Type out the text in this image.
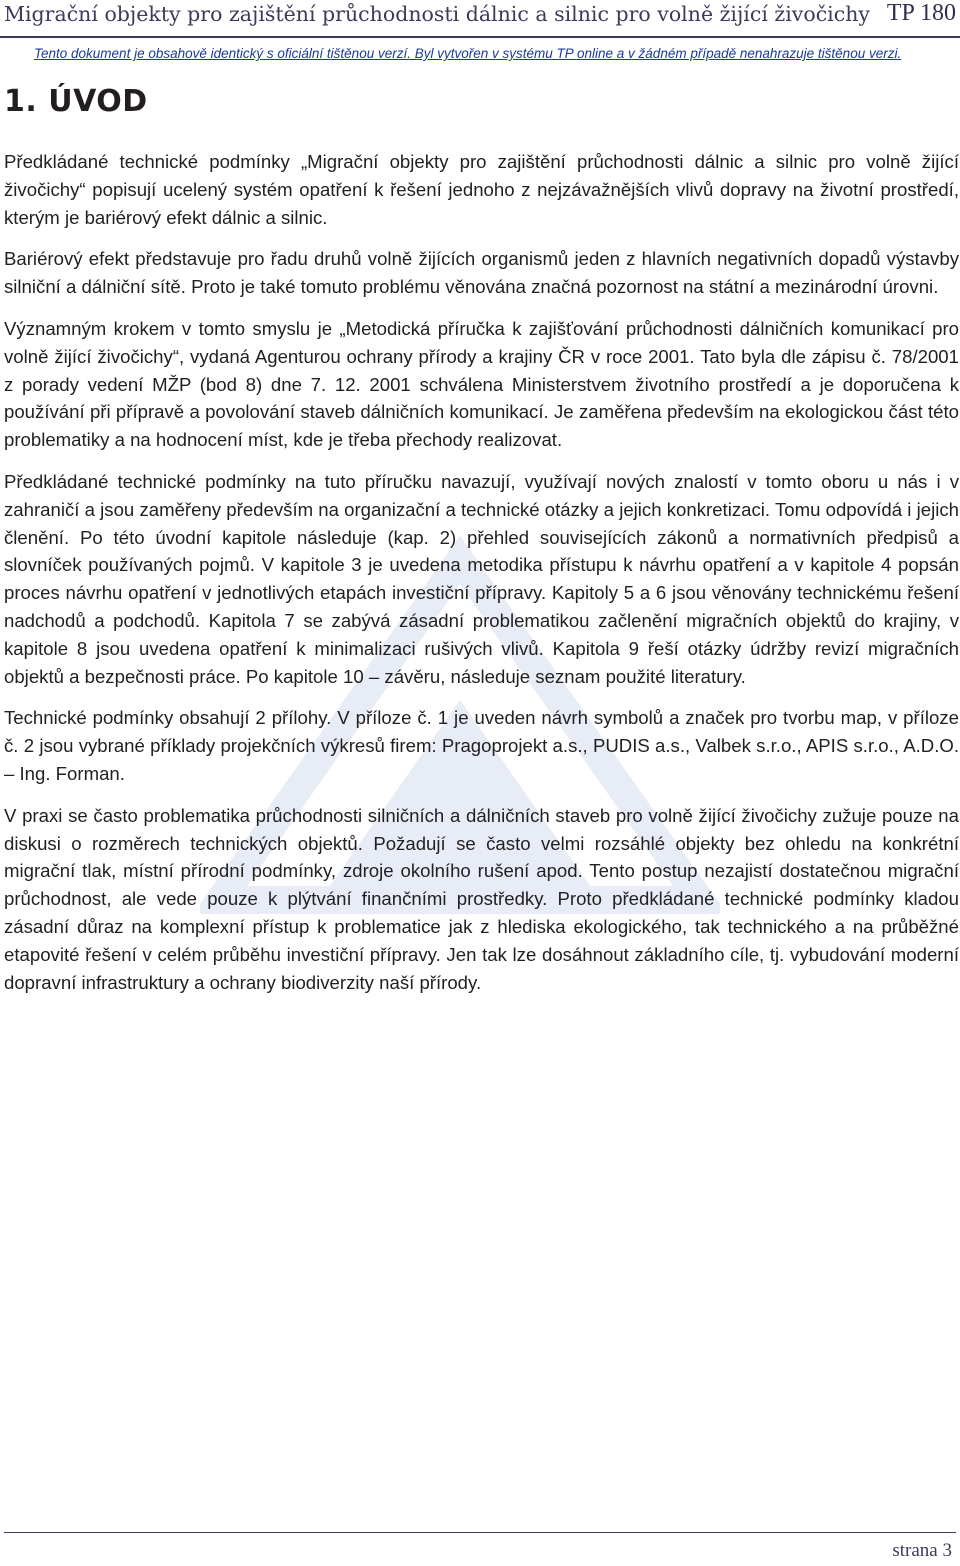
Migrační objekty pro zajištění průchodnosti dálnic a silnic pro volně žijící živočichy TP 180
Tento dokument je obsahově identický s oficiální tištěnou verzí. Byl vytvořen v systému TP online a v žádném případě nenahrazuje tištěnou verzi.
1. ÚVOD

Předkládané technické podmínky „Migrační objekty pro zajištění průchodnosti dálnic a silnic pro volně žijící živočichy“ popisují ucelený systém opatření k řešení jednoho z nejzávažnějších vlivů dopravy na životní prostředí, kterým je bariérový efekt dálnic a silnic.

Bariérový efekt představuje pro řadu druhů volně žijících organismů jeden z hlavních negativních dopadů výstavby silniční a dálniční sítě. Proto je také tomuto problému věnována značná pozornost na státní a mezinárodní úrovni.

Významným krokem v tomto smyslu je „Metodická příručka k zajišťování průchodnosti dálničních komunikací pro volně žijící živočichy“, vydaná Agenturou ochrany přírody a krajiny ČR v roce 2001. Tato byla dle zápisu č. 78/2001 z porady vedení MŽP (bod 8) dne 7. 12. 2001 schválena Ministerstvem životního prostředí a je doporučena k používání při přípravě a povolování staveb dálničních komunikací. Je zaměřena především na ekologickou část této problematiky a na hodnocení míst, kde je třeba přechody realizovat.

Předkládané technické podmínky na tuto příručku navazují, využívají nových znalostí v tomto oboru u nás i v zahraničí a jsou zaměřeny především na organizační a technické otázky a jejich konkretizaci. Tomu odpovídá i jejich členění. Po této úvodní kapitole následuje (kap. 2) přehled souvisejících zákonů a normativních předpisů a slovníček používaných pojmů. V kapitole 3 je uvedena metodika přístupu k návrhu opatření a v kapitole 4 popsán proces návrhu opatření v jednotlivých etapách investiční přípravy. Kapitoly 5 a 6 jsou věnovány technickému řešení nadchodů a podchodů. Kapitola 7 se zabývá zásadní problematikou začlenění migračních objektů do krajiny, v kapitole 8 jsou uvedena opatření k minimalizaci rušivých vlivů. Kapitola 9 řeší otázky údržby revizí migračních objektů a bezpečnosti práce. Po kapitole 10 – závěru, následuje seznam použité literatury.

Technické podmínky obsahují 2 přílohy. V příloze č. 1 je uveden návrh symbolů a značek pro tvorbu map, v příloze č. 2 jsou vybrané příklady projekčních výkresů firem: Pragoprojekt a.s., PUDIS a.s., Valbek s.r.o., APIS s.r.o., A.D.O. – Ing. Forman.

V praxi se často problematika průchodnosti silničních a dálničních staveb pro volně žijící živočichy zužuje pouze na diskusi o rozměrech technických objektů. Požadují se často velmi rozsáhlé objekty bez ohledu na konkrétní migrační tlak, místní přírodní podmínky, zdroje okolního rušení apod. Tento postup nezajistí dostatečnou migrační průchodnost, ale vede pouze k plýtvání finančními prostředky. Proto předkládané technické podmínky kladou zásadní důraz na komplexní přístup k problematice jak z hlediska ekologického, tak technického a na průběžné etapovité řešení v celém průběhu investiční přípravy. Jen tak lze dosáhnout základního cíle, tj. vybudování moderní dopravní infrastruktury a ochrany biodiverzity naší přírody.

strana 3
